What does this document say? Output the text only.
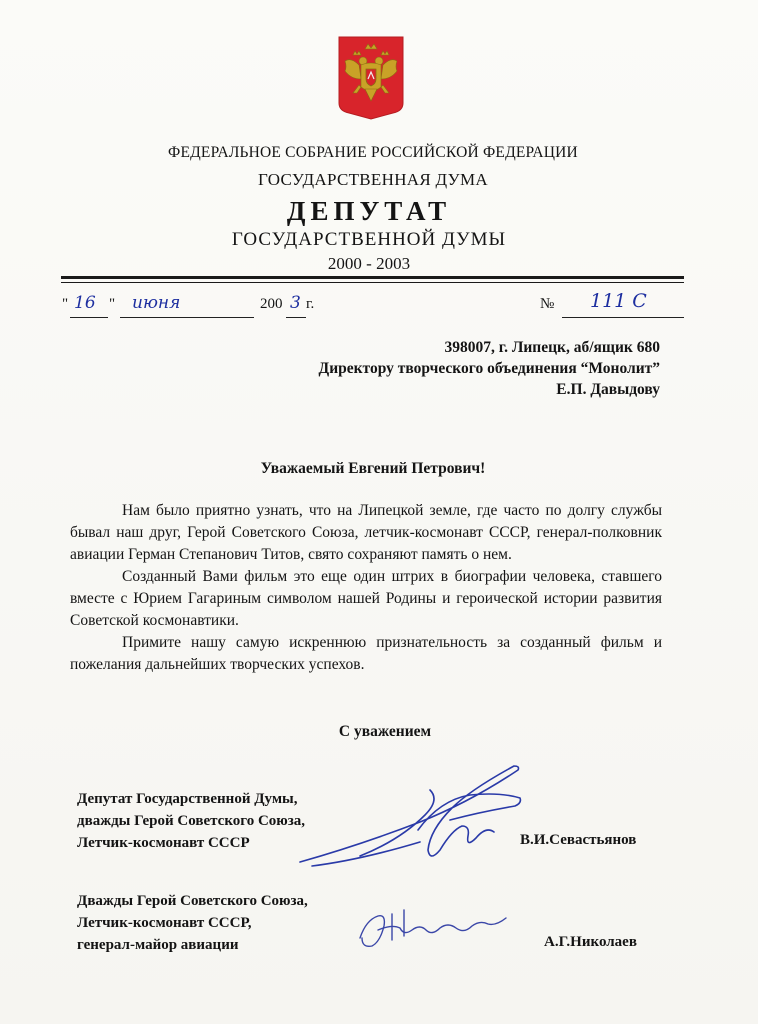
ФЕДЕРАЛЬНОЕ СОБРАНИЕ РОССИЙСКОЙ ФЕДЕРАЦИИ
ГОСУДАРСТВЕННАЯ ДУМА
ДЕПУТАТ
ГОСУДАРСТВЕННОЙ ДУМЫ
2000 - 2003
" 16 " июня	200 3 г.	№ 111 С
398007, г. Липецк, аб/ящик 680
Директору творческого объединения “Монолит”
Е.П. Давыдову
Уважаемый Евгений Петрович!

Нам было приятно узнать, что на Липецкой земле, где часто по долгу службы бывал наш друг, Герой Советского Союза, летчик-космонавт СССР, генерал-полковник авиации Герман Степанович Титов, свято сохраняют память о нем.

Созданный Вами фильм это еще один штрих в биографии человека, ставшего вместе с Юрием Гагариным символом нашей Родины и героической истории развития Советской космонавтики.

Примите нашу самую искреннюю признательность за созданный фильм и пожелания дальнейших творческих успехов.

С уважением
Депутат Государственной Думы,
дважды Герой Советского Союза,
Летчик-космонавт СССР	В.И.Севастьянов
Дважды Герой Советского Союза,
Летчик-космонавт СССР,
генерал-майор авиации	А.Г.Николаев
